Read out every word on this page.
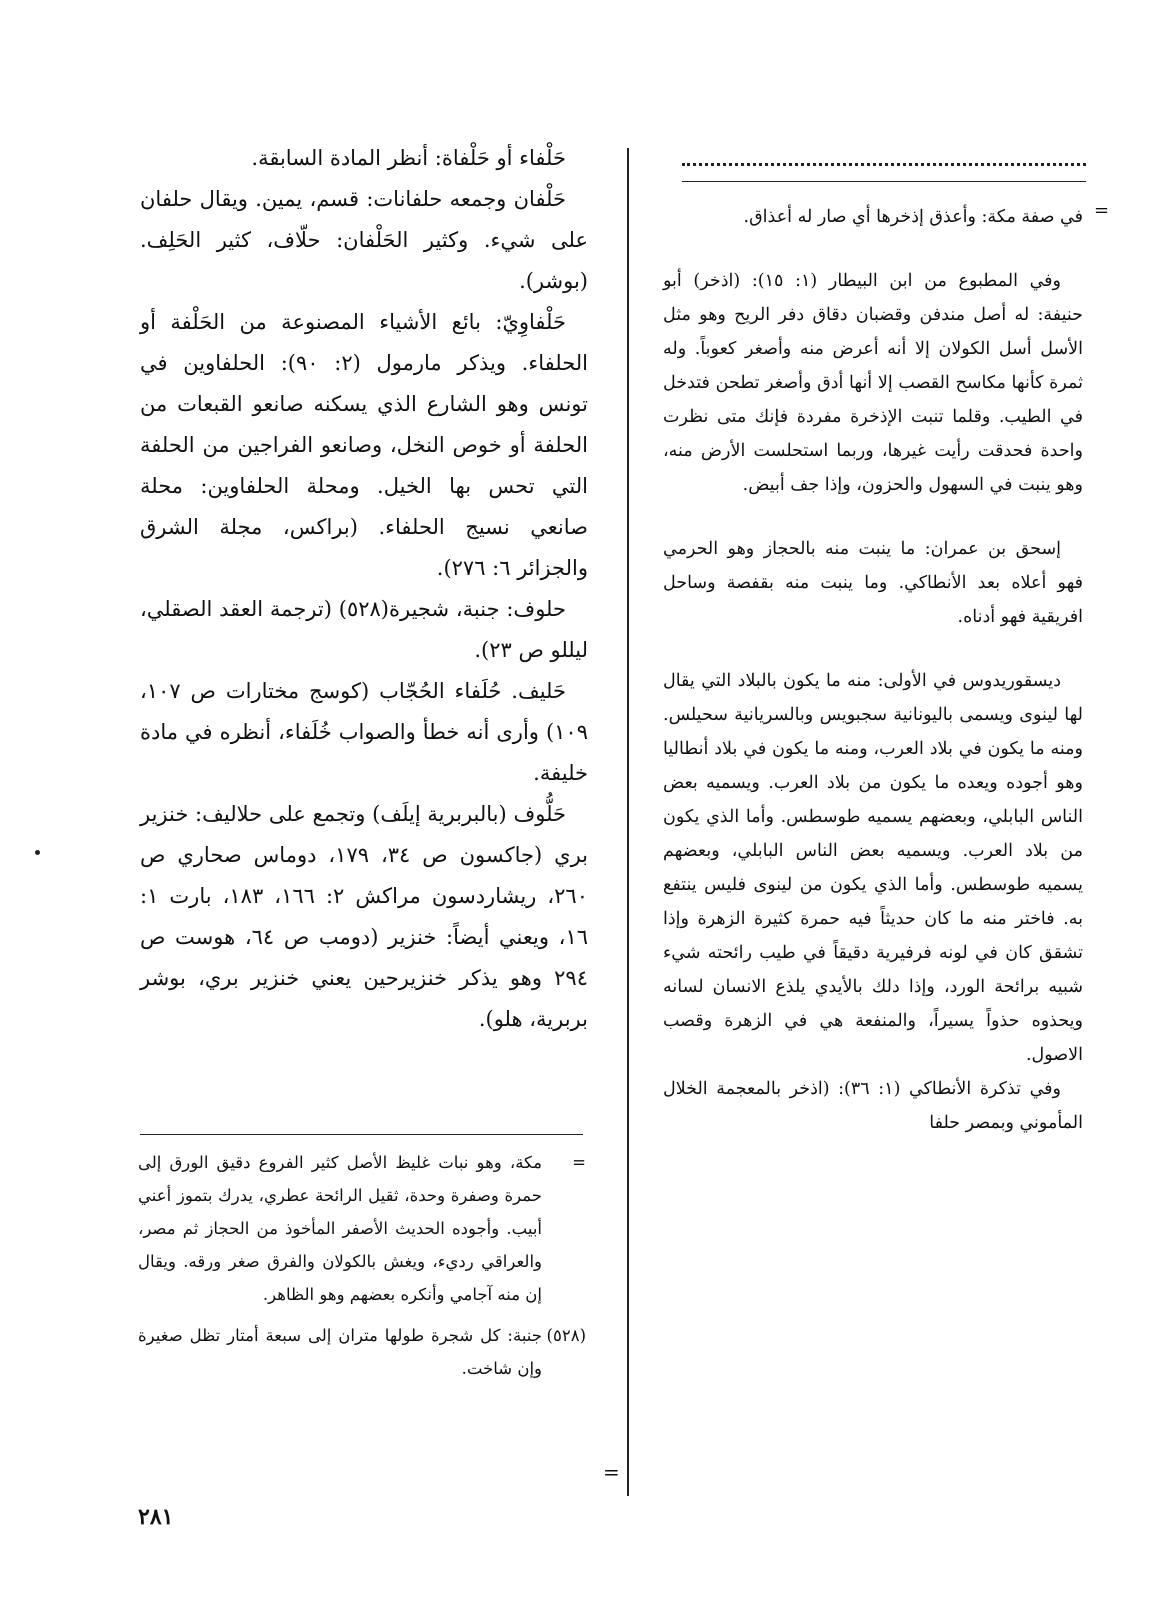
=

في صفة مكة: وأعذق إذخرها أي صار له أعذاق.

وفي المطبوع من ابن البيطار (١: ١٥): (اذخر) أبو حنيفة: له أصل مندفن وقضبان دقاق دفر الريح وهو مثل الأسل أسل الكولان إلا أنه أعرض منه وأصغر كعوباً. وله ثمرة كأنها مكاسح القصب إلا أنها أدق وأصغر تطحن فتدخل في الطيب. وقلما تنبت الإذخرة مفردة فإنك متى نظرت واحدة فحدقت رأيت غيرها، وربما استحلست الأرض منه، وهو ينبت في السهول والحزون، وإذا جف أبيض.

إسحق بن عمران: ما ينبت منه بالحجاز وهو الحرمي فهو أعلاه بعد الأنطاكي. وما ينبت منه بقفصة وساحل افريقية فهو أدناه.

ديسقوريدوس في الأولى: منه ما يكون بالبلاد التي يقال لها لينوى ويسمى باليونانية سجبويس وبالسريانية سحيلس. ومنه ما يكون في بلاد العرب، ومنه ما يكون في بلاد أنطاليا وهو أجوده ويعده ما يكون من بلاد العرب. ويسميه بعض الناس البابلي، وبعضهم يسميه طوسطس. وأما الذي يكون من بلاد العرب. ويسميه بعض الناس البابلي، وبعضهم يسميه طوسطس. وأما الذي يكون من لينوى فليس ينتفع به. فاختر منه ما كان حديثاً فيه حمرة كثيرة الزهرة وإذا تشقق كان في لونه فرفيرية دقيقاً في طيب رائحته شيء شبيه برائحة الورد، وإذا دلك بالأيدي يلذع الانسان لسانه ويحذوه حذواً يسيراً، والمنفعة هي في الزهرة وقصب الاصول.

وفي تذكرة الأنطاكي (١: ٣٦): (اذخر بالمعجمة الخلال المأموني وبمصر حلفا

=

حَلْفاء أو حَلْفاة: أنظر المادة السابقة.

حَلْفان وجمعه حلفانات: قسم، يمين. ويقال حلفان على شيء. وكثير الحَلْفان: حلّاف، كثير الحَلِف. (بوشر).

حَلْفاوِيّ: بائع الأشياء المصنوعة من الحَلْفة أو الحلفاء. ويذكر مارمول (٢: ٩٠): الحلفاوين في تونس وهو الشارع الذي يسكنه صانعو القبعات من الحلفة أو خوص النخل، وصانعو الفراجين من الحلفة التي تحس بها الخيل. ومحلة الحلفاوين: محلة صانعي نسيج الحلفاء. (براكس، مجلة الشرق والجزائر ٦: ٢٧٦).

حلوف: جنبة، شجيرة(٥٢٨) (ترجمة العقد الصقلي، ليللو ص ٢٣).

حَليف. حُلَفاء الحُجّاب (كوسج مختارات ص ١٠٧، ١٠٩) وأرى أنه خطأ والصواب خُلَفاء، أنظره في مادة خليفة.

حَلُّوف (بالبربرية إيلَف) وتجمع على حلاليف: خنزير بري (جاكسون ص ٣٤، ١٧٩، دوماس صحاري ص ٢٦٠، ريشاردسون مراكش ٢: ١٦٦، ١٨٣، بارت ١: ١٦، ويعني أيضاً: خنزير (دومب ص ٦٤، هوست ص ٢٩٤ وهو يذكر خنزيرحين يعني خنزير بري، بوشر بربرية، هلو).

=
مكة، وهو نبات غليظ الأصل كثير الفروع دقيق الورق إلى حمرة وصفرة وحدة، ثقيل الرائحة عطري، يدرك بتموز أعني أبيب. وأجوده الحديث الأصفر المأخوذ من الحجاز ثم مصر، والعراقي رديء، ويغش بالكولان والفرق صغر ورقه. ويقال إن منه آجامي وأنكره بعضهم وهو الظاهر.
(٥٢٨)
جنبة: كل شجرة طولها متران إلى سبعة أمتار تظل صغيرة وإن شاخت.
٢٨١
